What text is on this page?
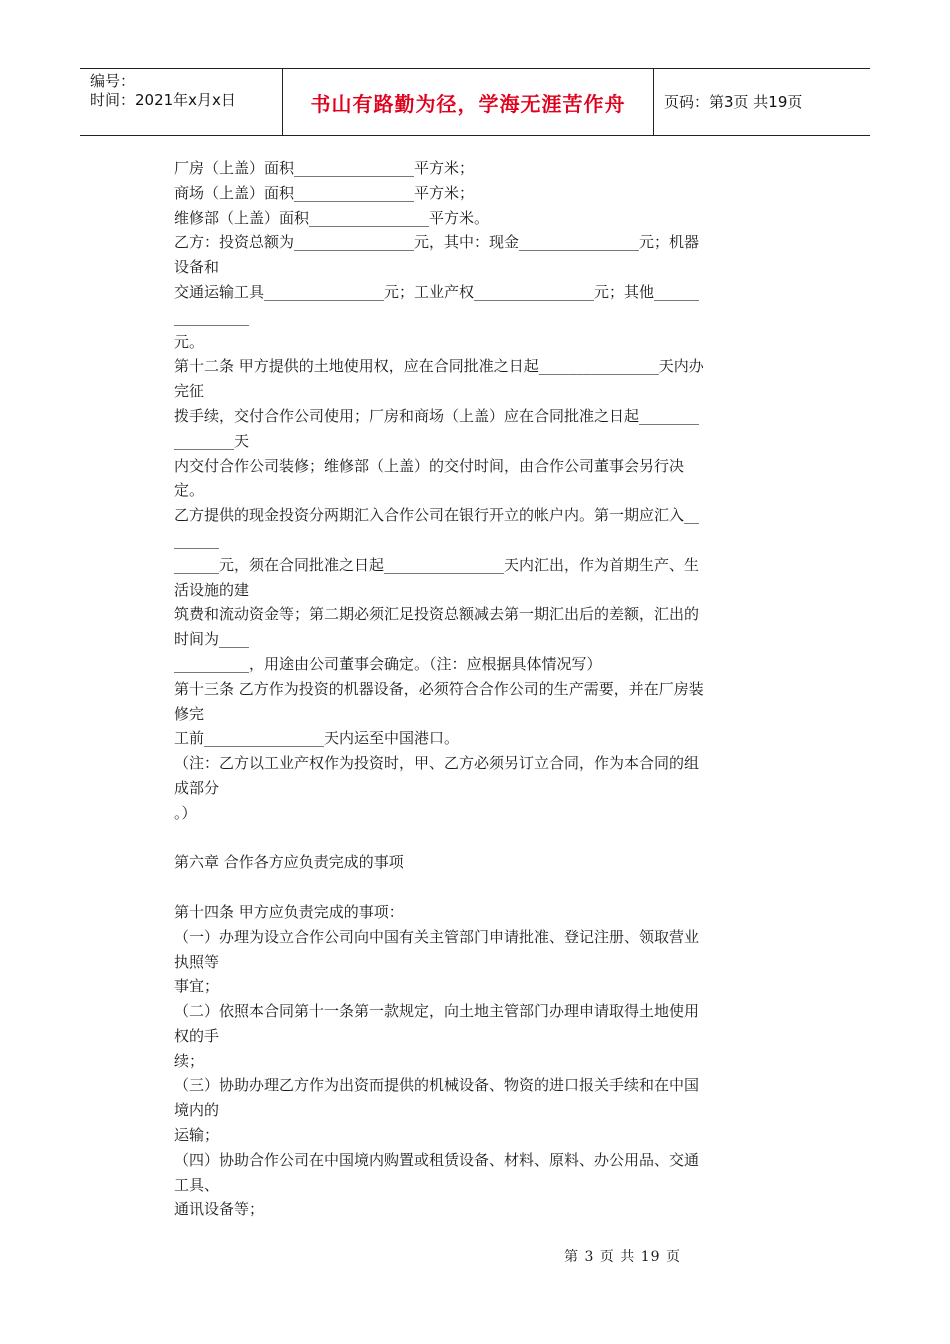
编号：
时间：2021年x月x日	书山有路勤为径，学海无涯苦作舟	页码：第3页 共19页
厂房（上盖）面积________________平方米；
商场（上盖）面积________________平方米；
维修部（上盖）面积________________平方米。
乙方：投资总额为________________元，其中：现金________________元；机器
设备和
交通运输工具________________元；工业产权________________元；其他______
__________
元。
第十二条 甲方提供的土地使用权，应在合同批准之日起________________天内办
完征
拨手续，交付合作公司使用；厂房和商场（上盖）应在合同批准之日起________
________天
内交付合作公司装修；维修部（上盖）的交付时间，由合作公司董事会另行决
定。
乙方提供的现金投资分两期汇入合作公司在银行开立的帐户内。第一期应汇入__
______
______元，须在合同批准之日起________________天内汇出，作为首期生产、生
活设施的建
筑费和流动资金等；第二期必须汇足投资总额减去第一期汇出后的差额，汇出的
时间为____
__________，用途由公司董事会确定。（注：应根据具体情况写）
第十三条 乙方作为投资的机器设备，必须符合合作公司的生产需要，并在厂房装
修完
工前________________天内运至中国港口。
（注：乙方以工业产权作为投资时，甲、乙方必须另订立合同，作为本合同的组
成部分
。）
第六章 合作各方应负责完成的事项
第十四条 甲方应负责完成的事项：
（一）办理为设立合作公司向中国有关主管部门申请批准、登记注册、领取营业
执照等
事宜；
（二）依照本合同第十一条第一款规定，向土地主管部门办理申请取得土地使用
权的手
续；
（三）协助办理乙方作为出资而提供的机械设备、物资的进口报关手续和在中国
境内的
运输；
（四）协助合作公司在中国境内购置或租赁设备、材料、原料、办公用品、交通
工具、
通讯设备等；
第 3 页 共 19 页
